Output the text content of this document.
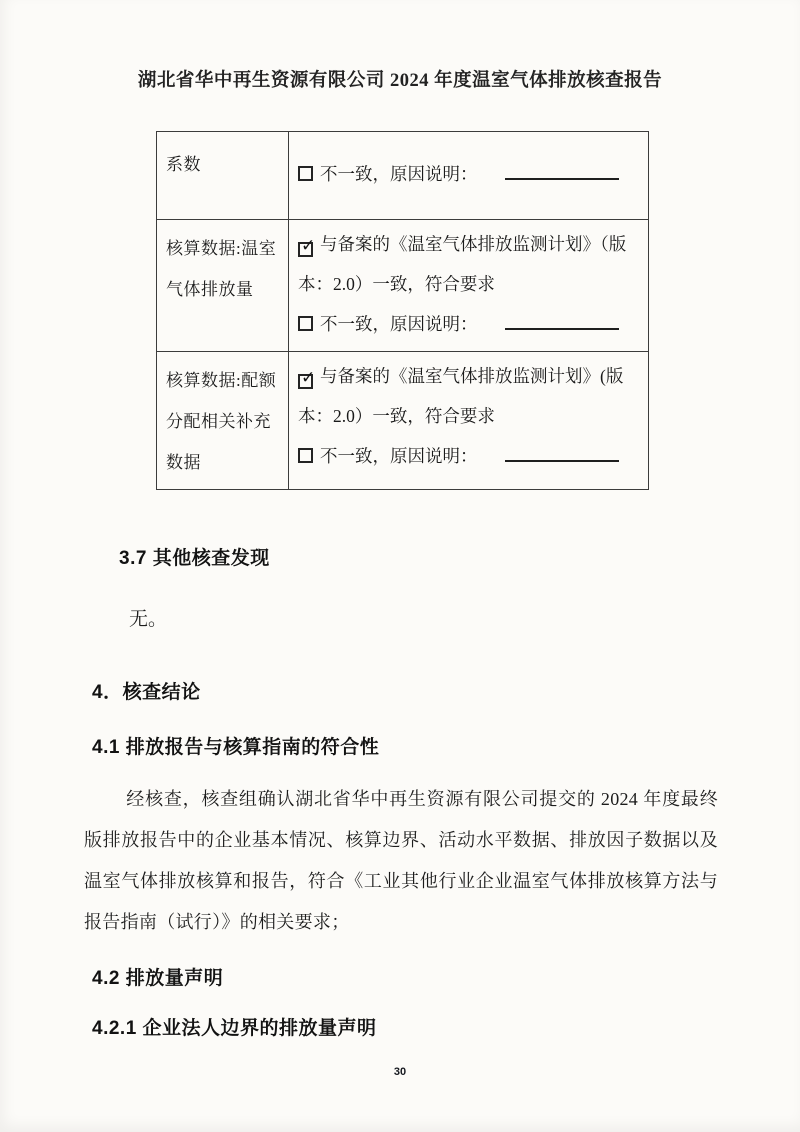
湖北省华中再生资源有限公司 2024 年度温室气体排放核查报告
系数	不一致，原因说明：

核算数据:温室气体排放量	✓ 与备案的《温室气体排放监测计划》（版本：2.0）一致，符合要求
不一致，原因说明：

核算数据:配额分配相关补充数据	✓ 与备案的《温室气体排放监测计划》(版本：2.0）一致，符合要求
不一致，原因说明：
3.7 其他核查发现
无。
4．核查结论
4.1 排放报告与核算指南的符合性
经核查，核查组确认湖北省华中再生资源有限公司提交的 2024 年度最终版排放报告中的企业基本情况、核算边界、活动水平数据、排放因子数据以及温室气体排放核算和报告，符合《工业其他行业企业温室气体排放核算方法与报告指南（试行）》的相关要求；
4.2 排放量声明
4.2.1 企业法人边界的排放量声明
30
